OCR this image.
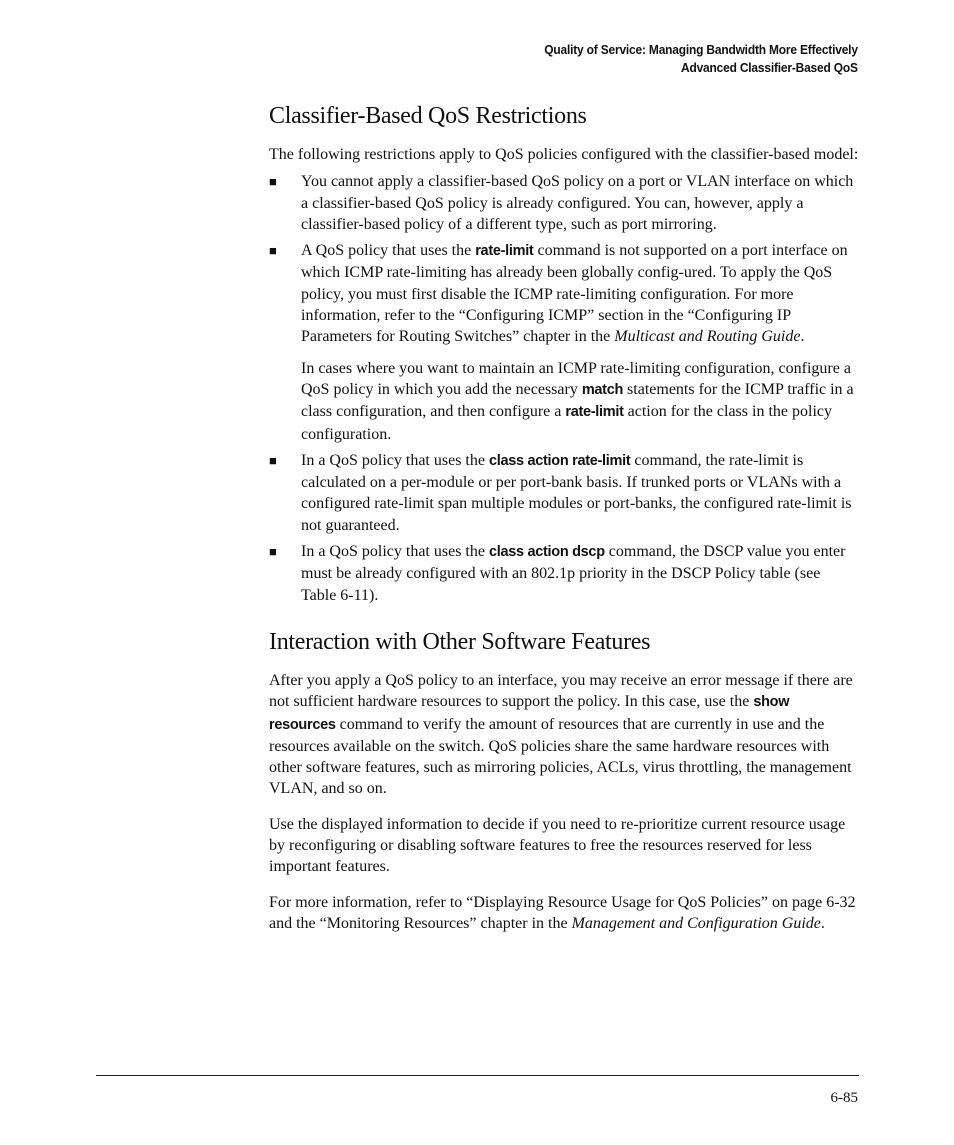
Quality of Service: Managing Bandwidth More Effectively
Advanced Classifier-Based QoS
Classifier-Based QoS Restrictions

The following restrictions apply to QoS policies configured with the classifier-based model:

■ You cannot apply a classifier-based QoS policy on a port or VLAN interface on which a classifier-based QoS policy is already configured. You can, however, apply a classifier-based policy of a different type, such as port mirroring.

■ A QoS policy that uses the rate-limit command is not supported on a port interface on which ICMP rate-limiting has already been globally config-ured. To apply the QoS policy, you must first disable the ICMP rate-limiting configuration. For more information, refer to the “Configuring ICMP” section in the “Configuring IP Parameters for Routing Switches” chapter in the Multicast and Routing Guide.

In cases where you want to maintain an ICMP rate-limiting configuration, configure a QoS policy in which you add the necessary match statements for the ICMP traffic in a class configuration, and then configure a rate-limit action for the class in the policy configuration.

■ In a QoS policy that uses the class action rate-limit command, the rate-limit is calculated on a per-module or per port-bank basis. If trunked ports or VLANs with a configured rate-limit span multiple modules or port-banks, the configured rate-limit is not guaranteed.

■ In a QoS policy that uses the class action dscp command, the DSCP value you enter must be already configured with an 802.1p priority in the DSCP Policy table (see Table 6-11).

Interaction with Other Software Features

After you apply a QoS policy to an interface, you may receive an error message if there are not sufficient hardware resources to support the policy. In this case, use the show resources command to verify the amount of resources that are currently in use and the resources available on the switch. QoS policies share the same hardware resources with other software features, such as mirroring policies, ACLs, virus throttling, the management VLAN, and so on.

Use the displayed information to decide if you need to re-prioritize current resource usage by reconfiguring or disabling software features to free the resources reserved for less important features.

For more information, refer to “Displaying Resource Usage for QoS Policies” on page 6-32 and the “Monitoring Resources” chapter in the Management and Configuration Guide.

6-85
